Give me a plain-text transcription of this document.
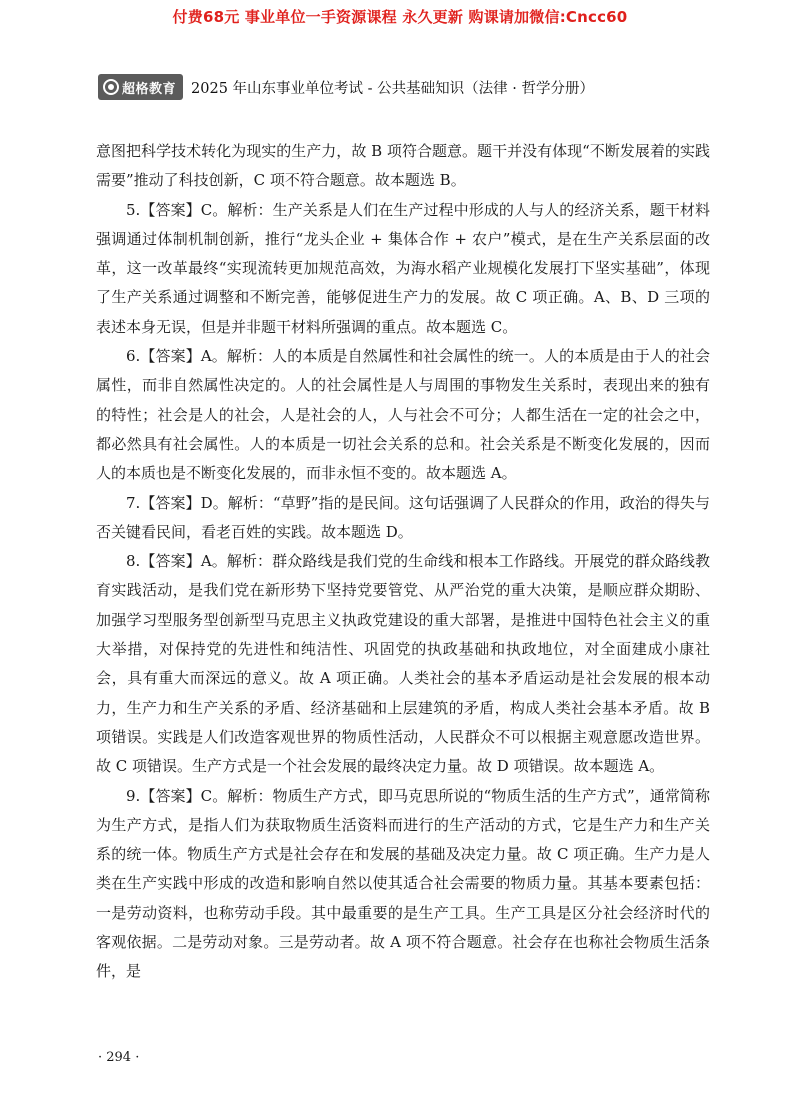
付费68元 事业单位一手资源课程 永久更新 购课请加微信:Cncc60
超格教育 2025 年山东事业单位考试 - 公共基础知识（法律 · 哲学分册）

意图把科学技术转化为现实的生产力，故 B 项符合题意。题干并没有体现“不断发展着的实践需要”推动了科技创新，C 项不符合题意。故本题选 B。

5.【答案】C。解析：生产关系是人们在生产过程中形成的人与人的经济关系，题干材料强调通过体制机制创新，推行“龙头企业 + 集体合作 + 农户”模式，是在生产关系层面的改革，这一改革最终“实现流转更加规范高效，为海水稻产业规模化发展打下坚实基础”，体现了生产关系通过调整和不断完善，能够促进生产力的发展。故 C 项正确。A、B、D 三项的表述本身无误，但是并非题干材料所强调的重点。故本题选 C。

6.【答案】A。解析：人的本质是自然属性和社会属性的统一。人的本质是由于人的社会属性，而非自然属性决定的。人的社会属性是人与周围的事物发生关系时，表现出来的独有的特性；社会是人的社会，人是社会的人，人与社会不可分；人都生活在一定的社会之中，都必然具有社会属性。人的本质是一切社会关系的总和。社会关系是不断变化发展的，因而人的本质也是不断变化发展的，而非永恒不变的。故本题选 A。

7.【答案】D。解析：“草野”指的是民间。这句话强调了人民群众的作用，政治的得失与否关键看民间，看老百姓的实践。故本题选 D。

8.【答案】A。解析：群众路线是我们党的生命线和根本工作路线。开展党的群众路线教育实践活动，是我们党在新形势下坚持党要管党、从严治党的重大决策，是顺应群众期盼、加强学习型服务型创新型马克思主义执政党建设的重大部署，是推进中国特色社会主义的重大举措，对保持党的先进性和纯洁性、巩固党的执政基础和执政地位，对全面建成小康社会，具有重大而深远的意义。故 A 项正确。人类社会的基本矛盾运动是社会发展的根本动力，生产力和生产关系的矛盾、经济基础和上层建筑的矛盾，构成人类社会基本矛盾。故 B 项错误。实践是人们改造客观世界的物质性活动，人民群众不可以根据主观意愿改造世界。故 C 项错误。生产方式是一个社会发展的最终决定力量。故 D 项错误。故本题选 A。

9.【答案】C。解析：物质生产方式，即马克思所说的“物质生活的生产方式”，通常简称为生产方式，是指人们为获取物质生活资料而进行的生产活动的方式，它是生产力和生产关系的统一体。物质生产方式是社会存在和发展的基础及决定力量。故 C 项正确。生产力是人类在生产实践中形成的改造和影响自然以使其适合社会需要的物质力量。其基本要素包括：一是劳动资料，也称劳动手段。其中最重要的是生产工具。生产工具是区分社会经济时代的客观依据。二是劳动对象。三是劳动者。故 A 项不符合题意。社会存在也称社会物质生活条件，是

· 294 ·
